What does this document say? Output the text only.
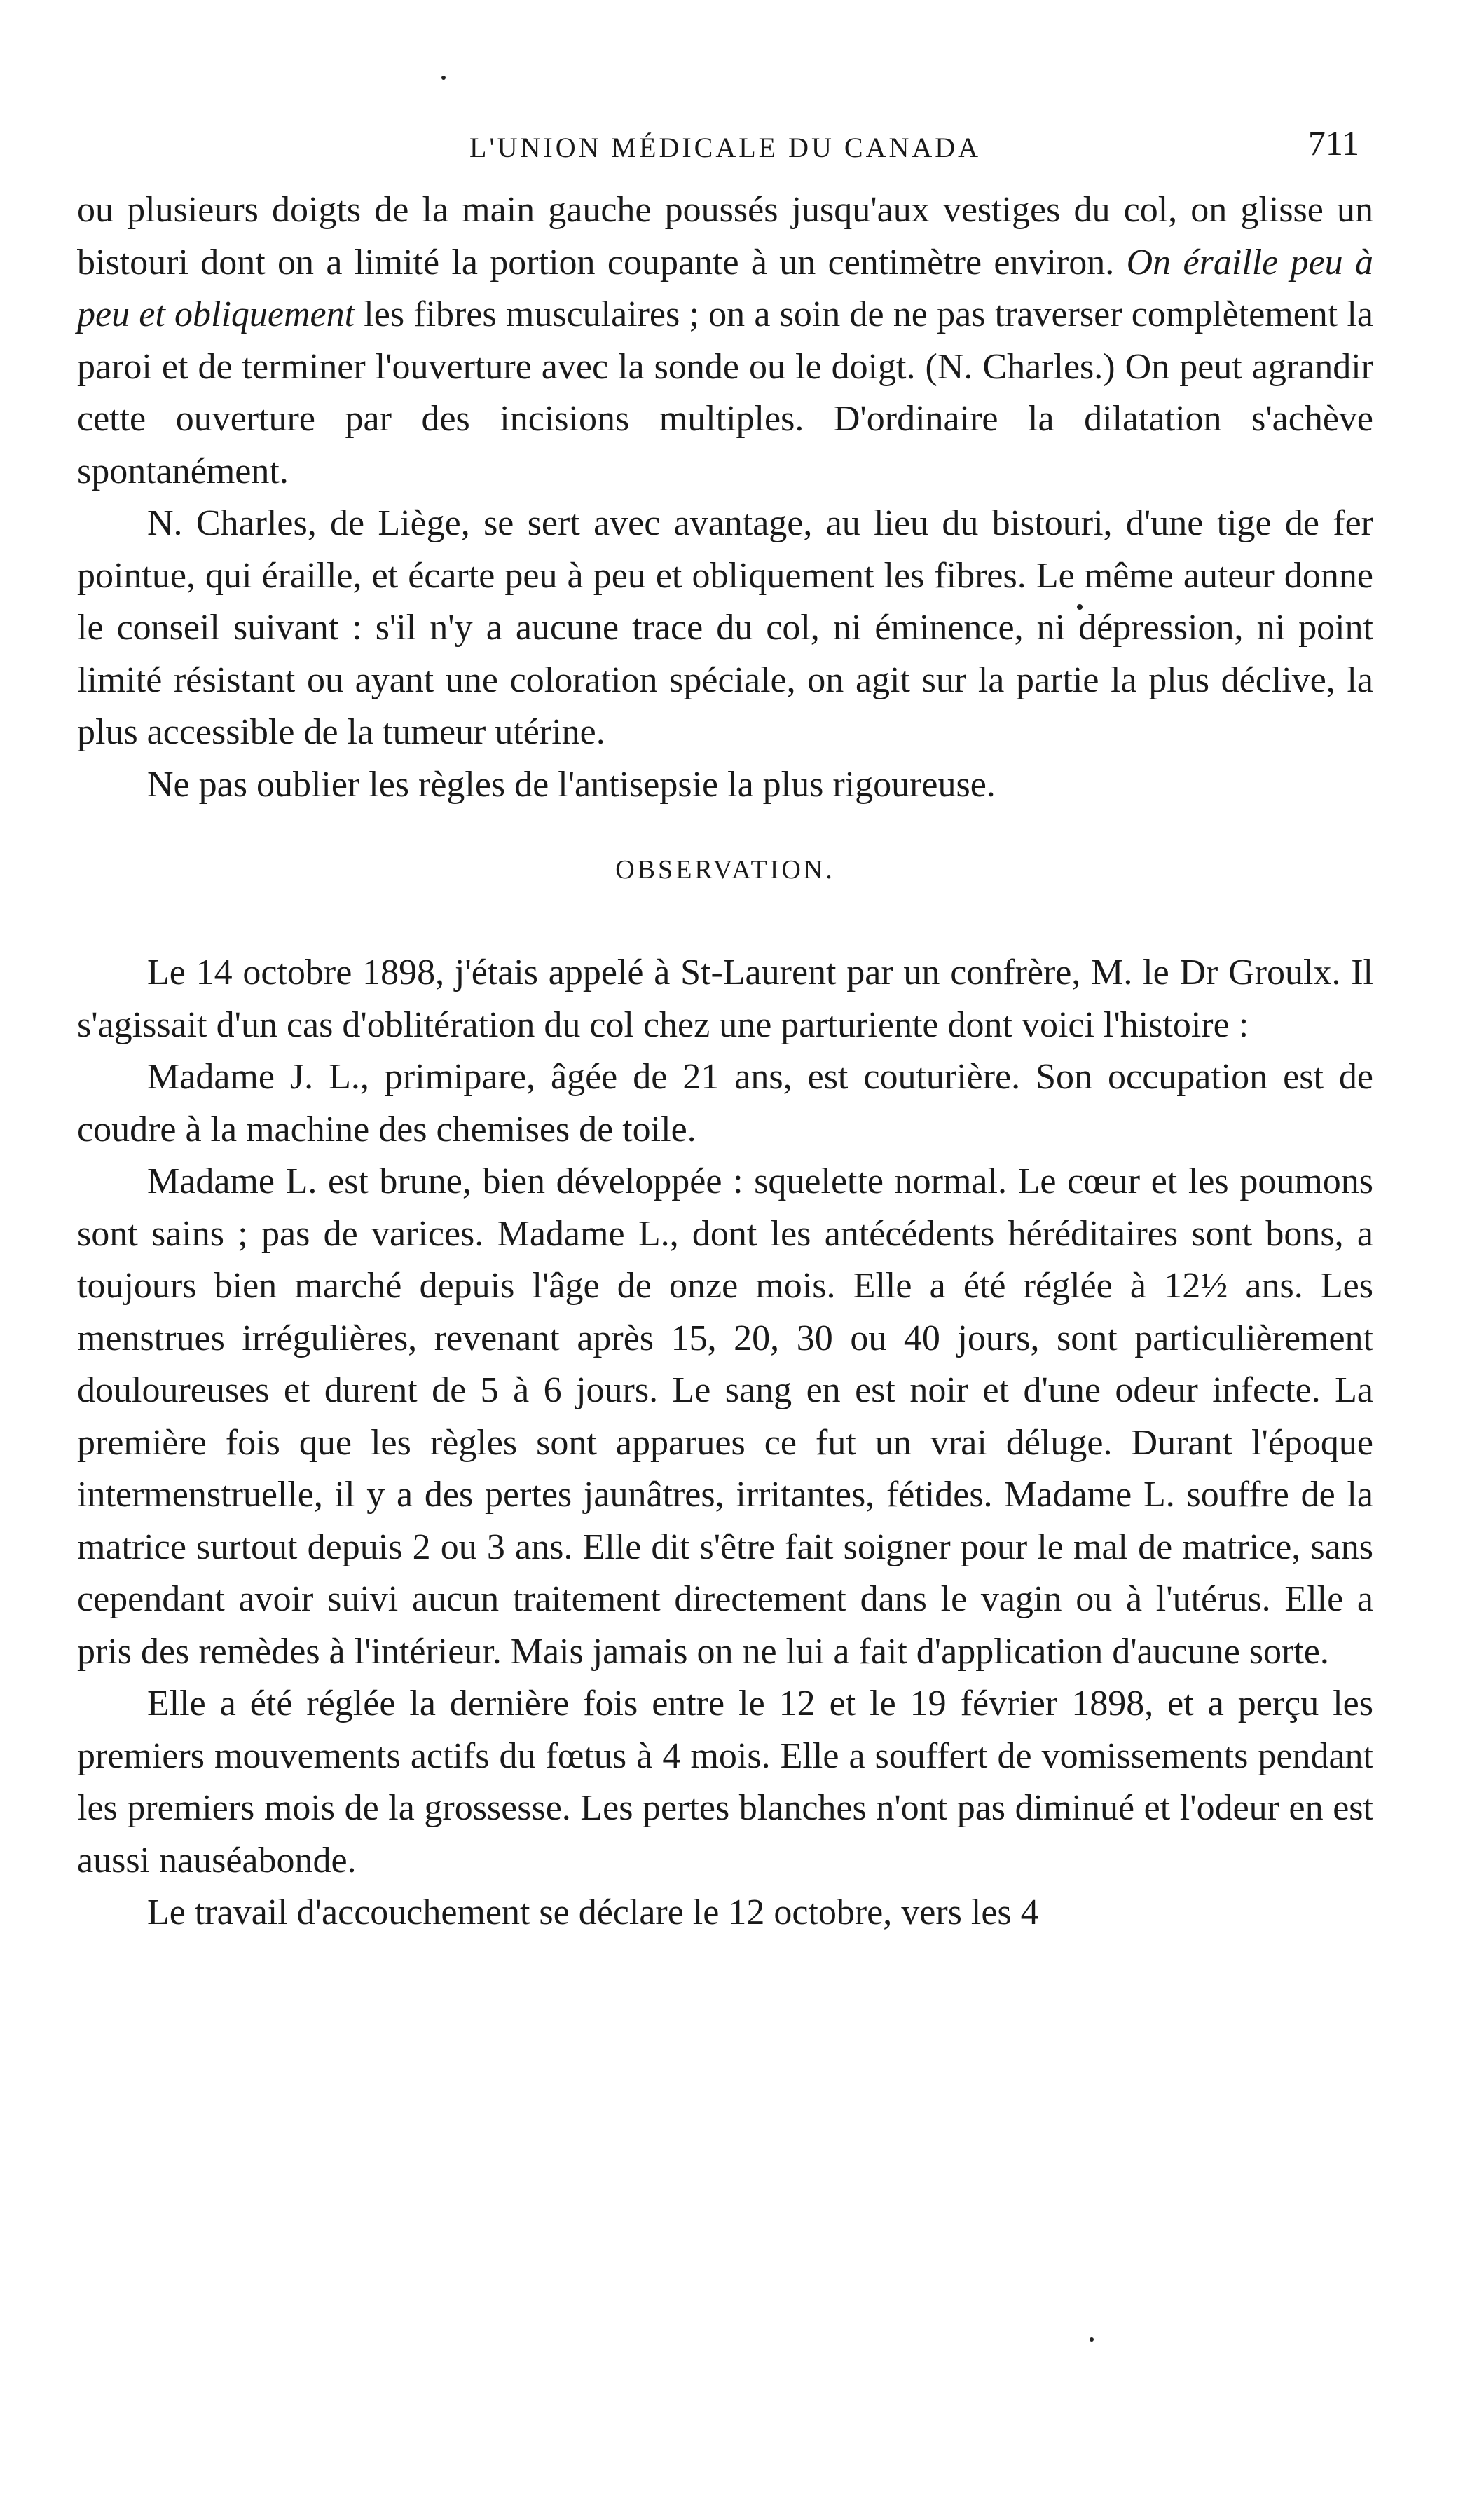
L'UNION MÉDICALE DU CANADA	711

ou plusieurs doigts de la main gauche poussés jusqu'aux vestiges du col, on glisse un bistouri dont on a limité la portion coupante à un centimètre environ. On éraille peu à peu et obliquement les fibres musculaires ; on a soin de ne pas traverser complètement la paroi et de terminer l'ouverture avec la sonde ou le doigt. (N. Charles.) On peut agrandir cette ouverture par des incisions multiples. D'ordinaire la dilatation s'achève spontanément.

N. Charles, de Liège, se sert avec avantage, au lieu du bistouri, d'une tige de fer pointue, qui éraille, et écarte peu à peu et obliquement les fibres. Le même auteur donne le conseil suivant : s'il n'y a aucune trace du col, ni éminence, ni dépression, ni point limité résistant ou ayant une coloration spéciale, on agit sur la partie la plus déclive, la plus accessible de la tumeur utérine.

Ne pas oublier les règles de l'antisepsie la plus rigoureuse.

OBSERVATION.

Le 14 octobre 1898, j'étais appelé à St-Laurent par un confrère, M. le Dr Groulx. Il s'agissait d'un cas d'oblitération du col chez une parturiente dont voici l'histoire :

Madame J. L., primipare, âgée de 21 ans, est couturière. Son occupation est de coudre à la machine des chemises de toile.

Madame L. est brune, bien développée : squelette normal. Le cœur et les poumons sont sains ; pas de varices. Madame L., dont les antécédents héréditaires sont bons, a toujours bien marché depuis l'âge de onze mois. Elle a été réglée à 12½ ans. Les menstrues irrégulières, revenant après 15, 20, 30 ou 40 jours, sont particulièrement douloureuses et durent de 5 à 6 jours. Le sang en est noir et d'une odeur infecte. La première fois que les règles sont apparues ce fut un vrai déluge. Durant l'époque intermenstruelle, il y a des pertes jaunâtres, irritantes, fétides. Madame L. souffre de la matrice surtout depuis 2 ou 3 ans. Elle dit s'être fait soigner pour le mal de matrice, sans cependant avoir suivi aucun traitement directement dans le vagin ou à l'utérus. Elle a pris des remèdes à l'intérieur. Mais jamais on ne lui a fait d'application d'aucune sorte.

Elle a été réglée la dernière fois entre le 12 et le 19 février 1898, et a perçu les premiers mouvements actifs du fœtus à 4 mois. Elle a souffert de vomissements pendant les premiers mois de la grossesse. Les pertes blanches n'ont pas diminué et l'odeur en est aussi nauséabonde.

Le travail d'accouchement se déclare le 12 octobre, vers les 4
